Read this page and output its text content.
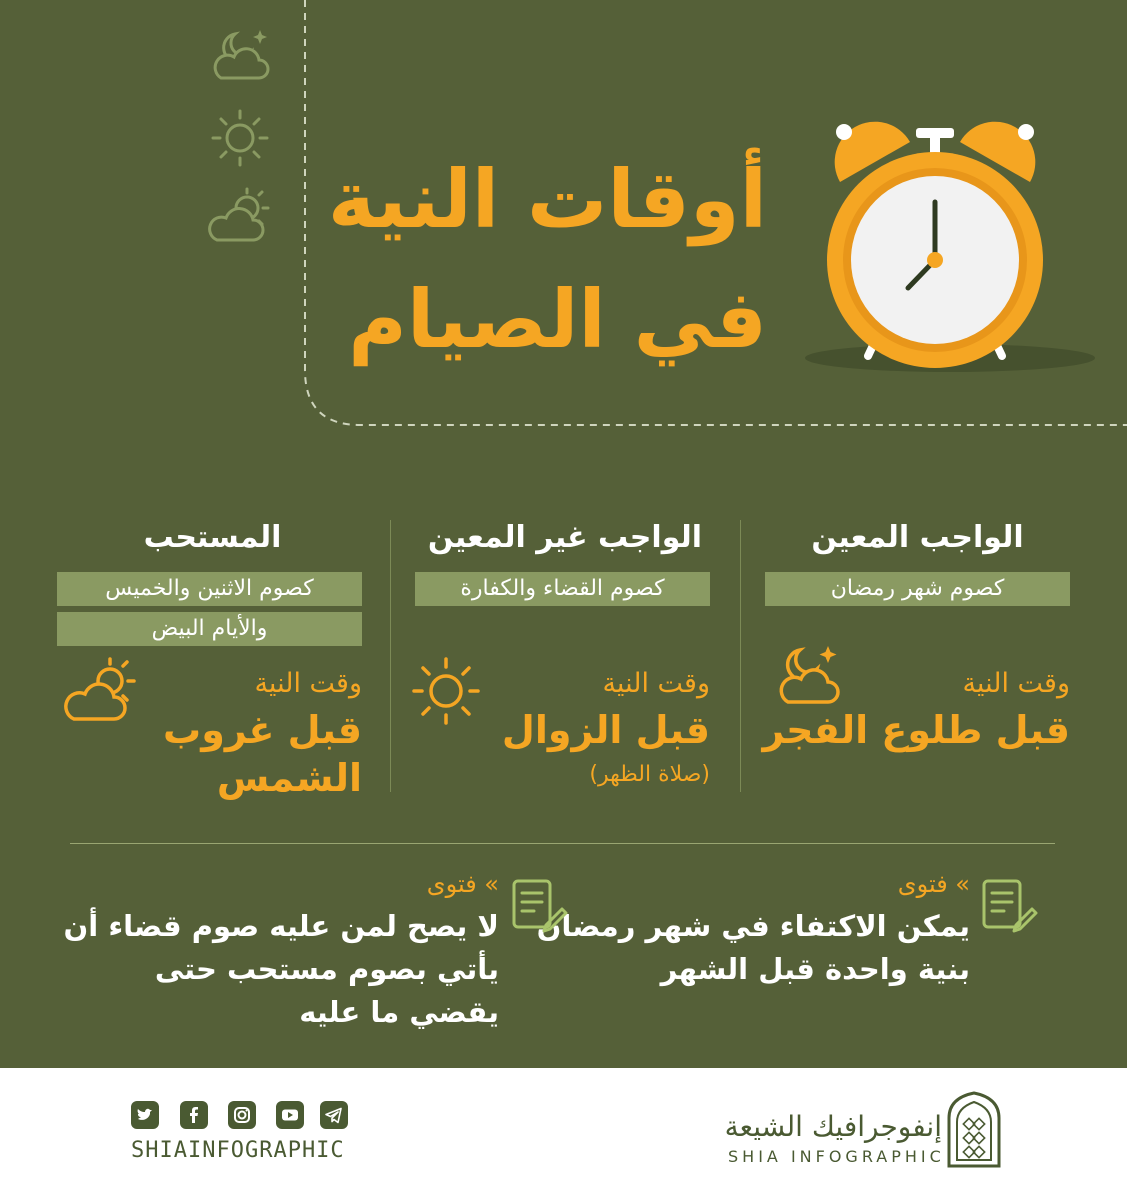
أوقات النية
في الصيام
الواجب المعين
كصوم شهر رمضان
وقت النية
قبل طلوع الفجر
الواجب غير المعين
كصوم القضاء والكفارة
وقت النية
قبل الزوال
(صلاة الظهر)
المستحب
كصوم الاثنين والخميس
والأيام البيض
وقت النية
قبل غروب
الشمس
» فتوى
يمكن الاكتفاء في شهر رمضان
بنية واحدة قبل الشهر
» فتوى
لا يصح لمن عليه صوم قضاء أن
يأتي بصوم مستحب حتى
يقضي ما عليه
SHIAINFOGRAPHIC
إنفوجرافيك الشيعة
SHIA INFOGRAPHIC
